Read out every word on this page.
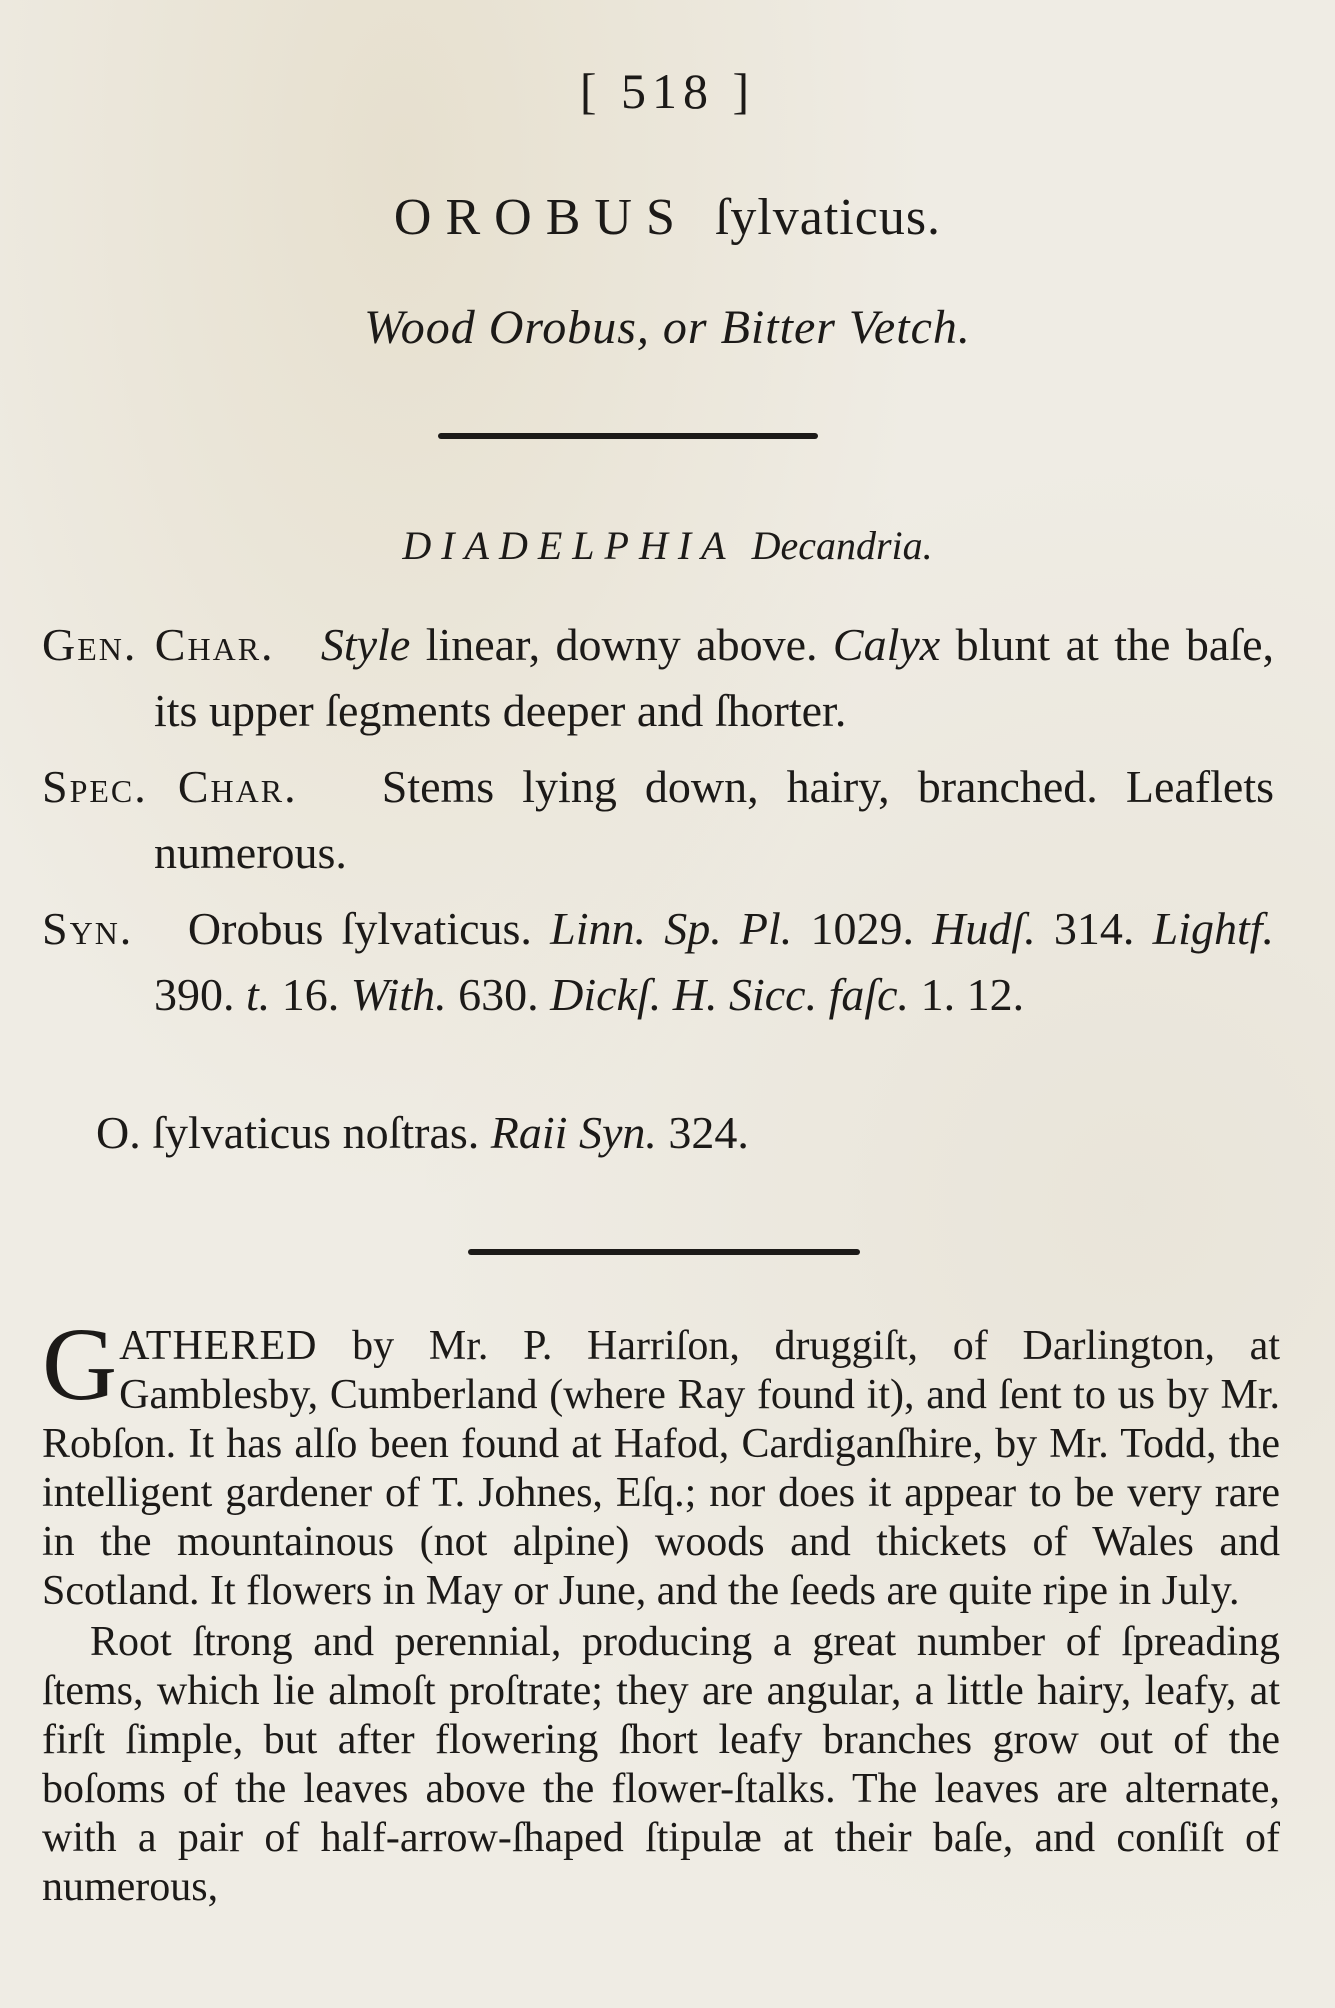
[ 518 ]
OROBUS ſylvaticus.
Wood Orobus, or Bitter Vetch.
DIADELPHIA Decandria.
Gen. Char. Style linear, downy above. Calyx blunt at the baſe, its upper ſegments deeper and ſhorter.
Spec. Char. Stems lying down, hairy, branched. Leaflets numerous.
Syn. Orobus ſylvaticus. Linn. Sp. Pl. 1029. Hudſ. 314. Lightf. 390. t. 16. With. 630. Dickſ. H. Sicc. faſc. 1. 12.
O. ſylvaticus noſtras. Raii Syn. 324.

GATHERED by Mr. P. Harriſon, druggiſt, of Darlington, at Gamblesby, Cumberland (where Ray found it), and ſent to us by Mr. Robſon. It has alſo been found at Hafod, Cardiganſhire, by Mr. Todd, the intelligent gardener of T. Johnes, Eſq.; nor does it appear to be very rare in the mountainous (not alpine) woods and thickets of Wales and Scotland. It flowers in May or June, and the ſeeds are quite ripe in July.

Root ſtrong and perennial, producing a great number of ſpreading ſtems, which lie almoſt proſtrate; they are angular, a little hairy, leafy, at firſt ſimple, but after flowering ſhort leafy branches grow out of the boſoms of the leaves above the flower-ſtalks. The leaves are alternate, with a pair of half-arrow-ſhaped ſtipulæ at their baſe, and conſiſt of numerous,
